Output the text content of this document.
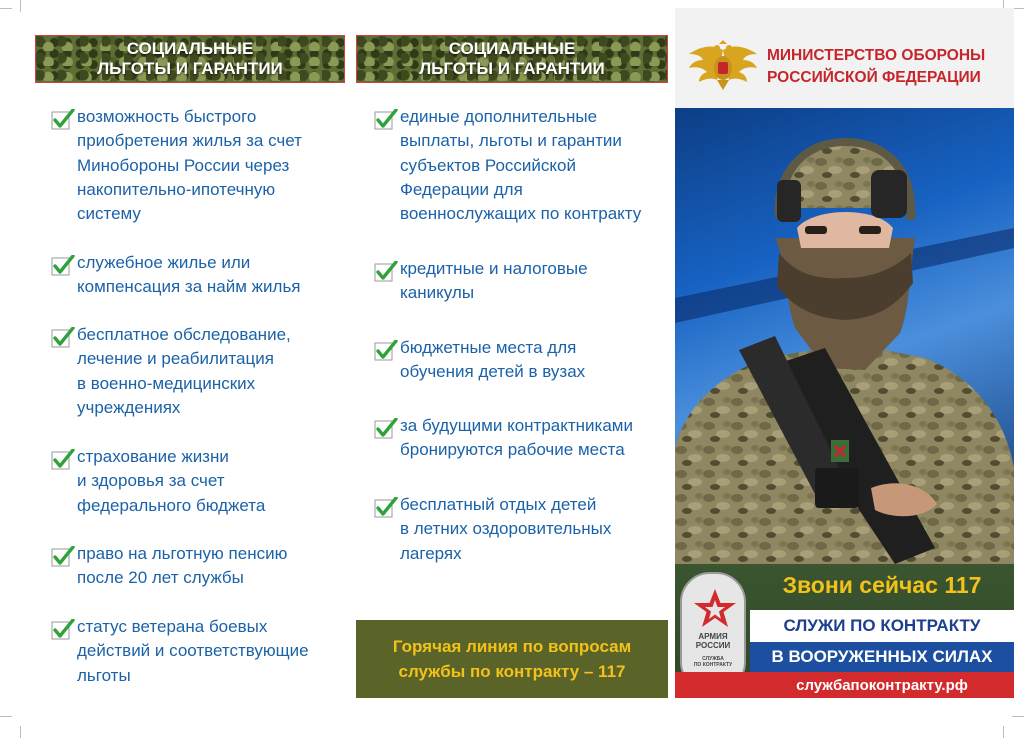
СОЦИАЛЬНЫЕ
ЛЬГОТЫ И ГАРАНТИИ
возможность быстрого
приобретения жилья за счет
Минобороны России через
накопительно-ипотечную
систему
служебное жилье или
компенсация за найм жилья
бесплатное обследование,
лечение и реабилитация
в военно-медицинских
учреждениях
страхование жизни
и здоровья за счет
федерального бюджета
право на льготную пенсию
после 20 лет службы
статус ветерана боевых
действий и соответствующие
льготы
СОЦИАЛЬНЫЕ
ЛЬГОТЫ И ГАРАНТИИ
единые дополнительные
выплаты, льготы и гарантии
субъектов Российской
Федерации для
военнослужащих по контракту
кредитные и налоговые
каникулы
бюджетные места для
обучения детей в вузах
за будущими контрактниками
бронируются рабочие места
бесплатный отдых детей
в летних оздоровительных
лагерях
Горячая линия по вопросам
службы по контракту – 117
МИНИСТЕРСТВО ОБОРОНЫ
РОССИЙСКОЙ ФЕДЕРАЦИИ
АРМИЯ
РОССИИ
СЛУЖБА
ПО КОНТРАКТУ
Звони сейчас 117
СЛУЖИ ПО КОНТРАКТУ
В ВООРУЖЕННЫХ СИЛАХ
службапоконтракту.рф
